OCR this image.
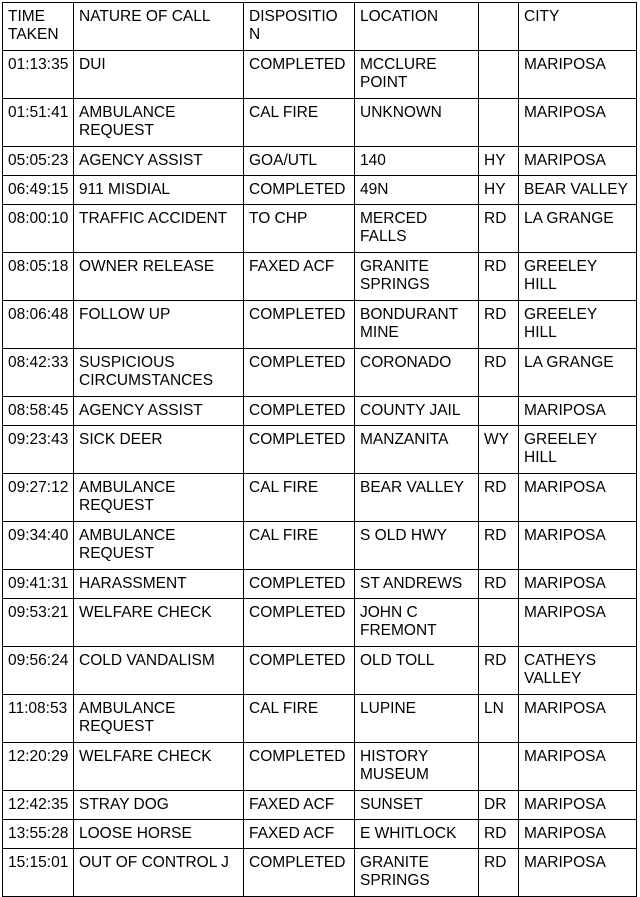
TIME TAKEN	NATURE OF CALL	DISPOSITIO N	LOCATION		CITY
01:13:35	DUI	COMPLETED	MCCLURE POINT		MARIPOSA
01:51:41	AMBULANCE REQUEST	CAL FIRE	UNKNOWN		MARIPOSA
05:05:23	AGENCY ASSIST	GOA/UTL	140	HY	MARIPOSA
06:49:15	911 MISDIAL	COMPLETED	49N	HY	BEAR VALLEY
08:00:10	TRAFFIC ACCIDENT	TO CHP	MERCED FALLS	RD	LA GRANGE
08:05:18	OWNER RELEASE	FAXED ACF	GRANITE SPRINGS	RD	GREELEY HILL
08:06:48	FOLLOW UP	COMPLETED	BONDURANT MINE	RD	GREELEY HILL
08:42:33	SUSPICIOUS CIRCUMSTANCES	COMPLETED	CORONADO	RD	LA GRANGE
08:58:45	AGENCY ASSIST	COMPLETED	COUNTY JAIL		MARIPOSA
09:23:43	SICK DEER	COMPLETED	MANZANITA	WY	GREELEY HILL
09:27:12	AMBULANCE REQUEST	CAL FIRE	BEAR VALLEY	RD	MARIPOSA
09:34:40	AMBULANCE REQUEST	CAL FIRE	S OLD HWY	RD	MARIPOSA
09:41:31	HARASSMENT	COMPLETED	ST ANDREWS	RD	MARIPOSA
09:53:21	WELFARE CHECK	COMPLETED	JOHN C FREMONT		MARIPOSA
09:56:24	COLD VANDALISM	COMPLETED	OLD TOLL	RD	CATHEYS VALLEY
11:08:53	AMBULANCE REQUEST	CAL FIRE	LUPINE	LN	MARIPOSA
12:20:29	WELFARE CHECK	COMPLETED	HISTORY MUSEUM		MARIPOSA
12:42:35	STRAY DOG	FAXED ACF	SUNSET	DR	MARIPOSA
13:55:28	LOOSE HORSE	FAXED ACF	E WHITLOCK	RD	MARIPOSA
15:15:01	OUT OF CONTROL J	COMPLETED	GRANITE SPRINGS	RD	MARIPOSA
